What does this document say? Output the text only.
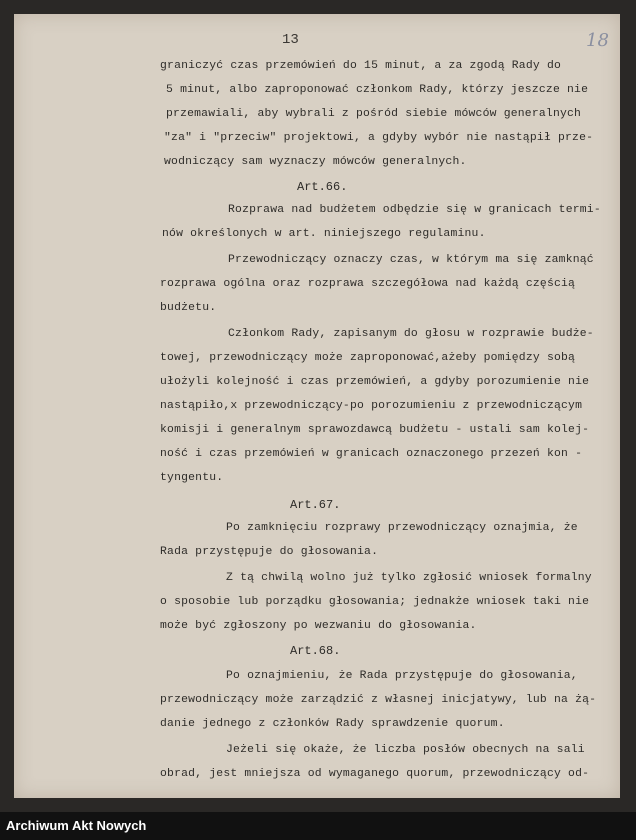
13	18
graniczyć czas przemówień do 15 minut, a za zgodą Rady do
5 minut, albo zaproponować członkom Rady, którzy jeszcze nie
przemawiali, aby wybrali z pośród siebie mówców generalnych
"za" i "przeciw" projektowi, a gdyby wybór nie nastąpił prze-
wodniczący sam wyznaczy mówców generalnych.
Art.66.
Rozprawa nad budżetem odbędzie się w granicach termi-
nów określonych w art. niniejszego regulaminu.
Przewodniczący oznaczy czas, w którym ma się zamknąć
rozprawa ogólna oraz rozprawa szczegółowa nad każdą częścią
budżetu.
Członkom Rady, zapisanym do głosu w rozprawie budże-
towej, przewodniczący może zaproponować,ażeby pomiędzy sobą
ułożyli kolejność i czas przemówień, a gdyby porozumienie nie
nastąpiło,x przewodniczący-po porozumieniu z przewodniczącym
komisji i generalnym sprawozdawcą budżetu - ustali sam kolej-
ność i czas przemówień w granicach oznaczonego przezeń kon -
tyngentu.
Art.67.
Po zamknięciu rozprawy przewodniczący oznajmia, że
Rada przystępuje do głosowania.
Z tą chwilą wolno już tylko zgłosić wniosek formalny
o sposobie lub porządku głosowania; jednakże wniosek taki nie
może być zgłoszony po wezwaniu do głosowania.
Art.68.
Po oznajmieniu, że Rada przystępuje do głosowania,
przewodniczący może zarządzić z własnej inicjatywy, lub na żą-
danie jednego z członków Rady sprawdzenie quorum.
Jeżeli się okaże, że liczba posłów obecnych na sali
obrad, jest mniejsza od wymaganego quorum, przewodniczący od-
Archiwum Akt Nowych
